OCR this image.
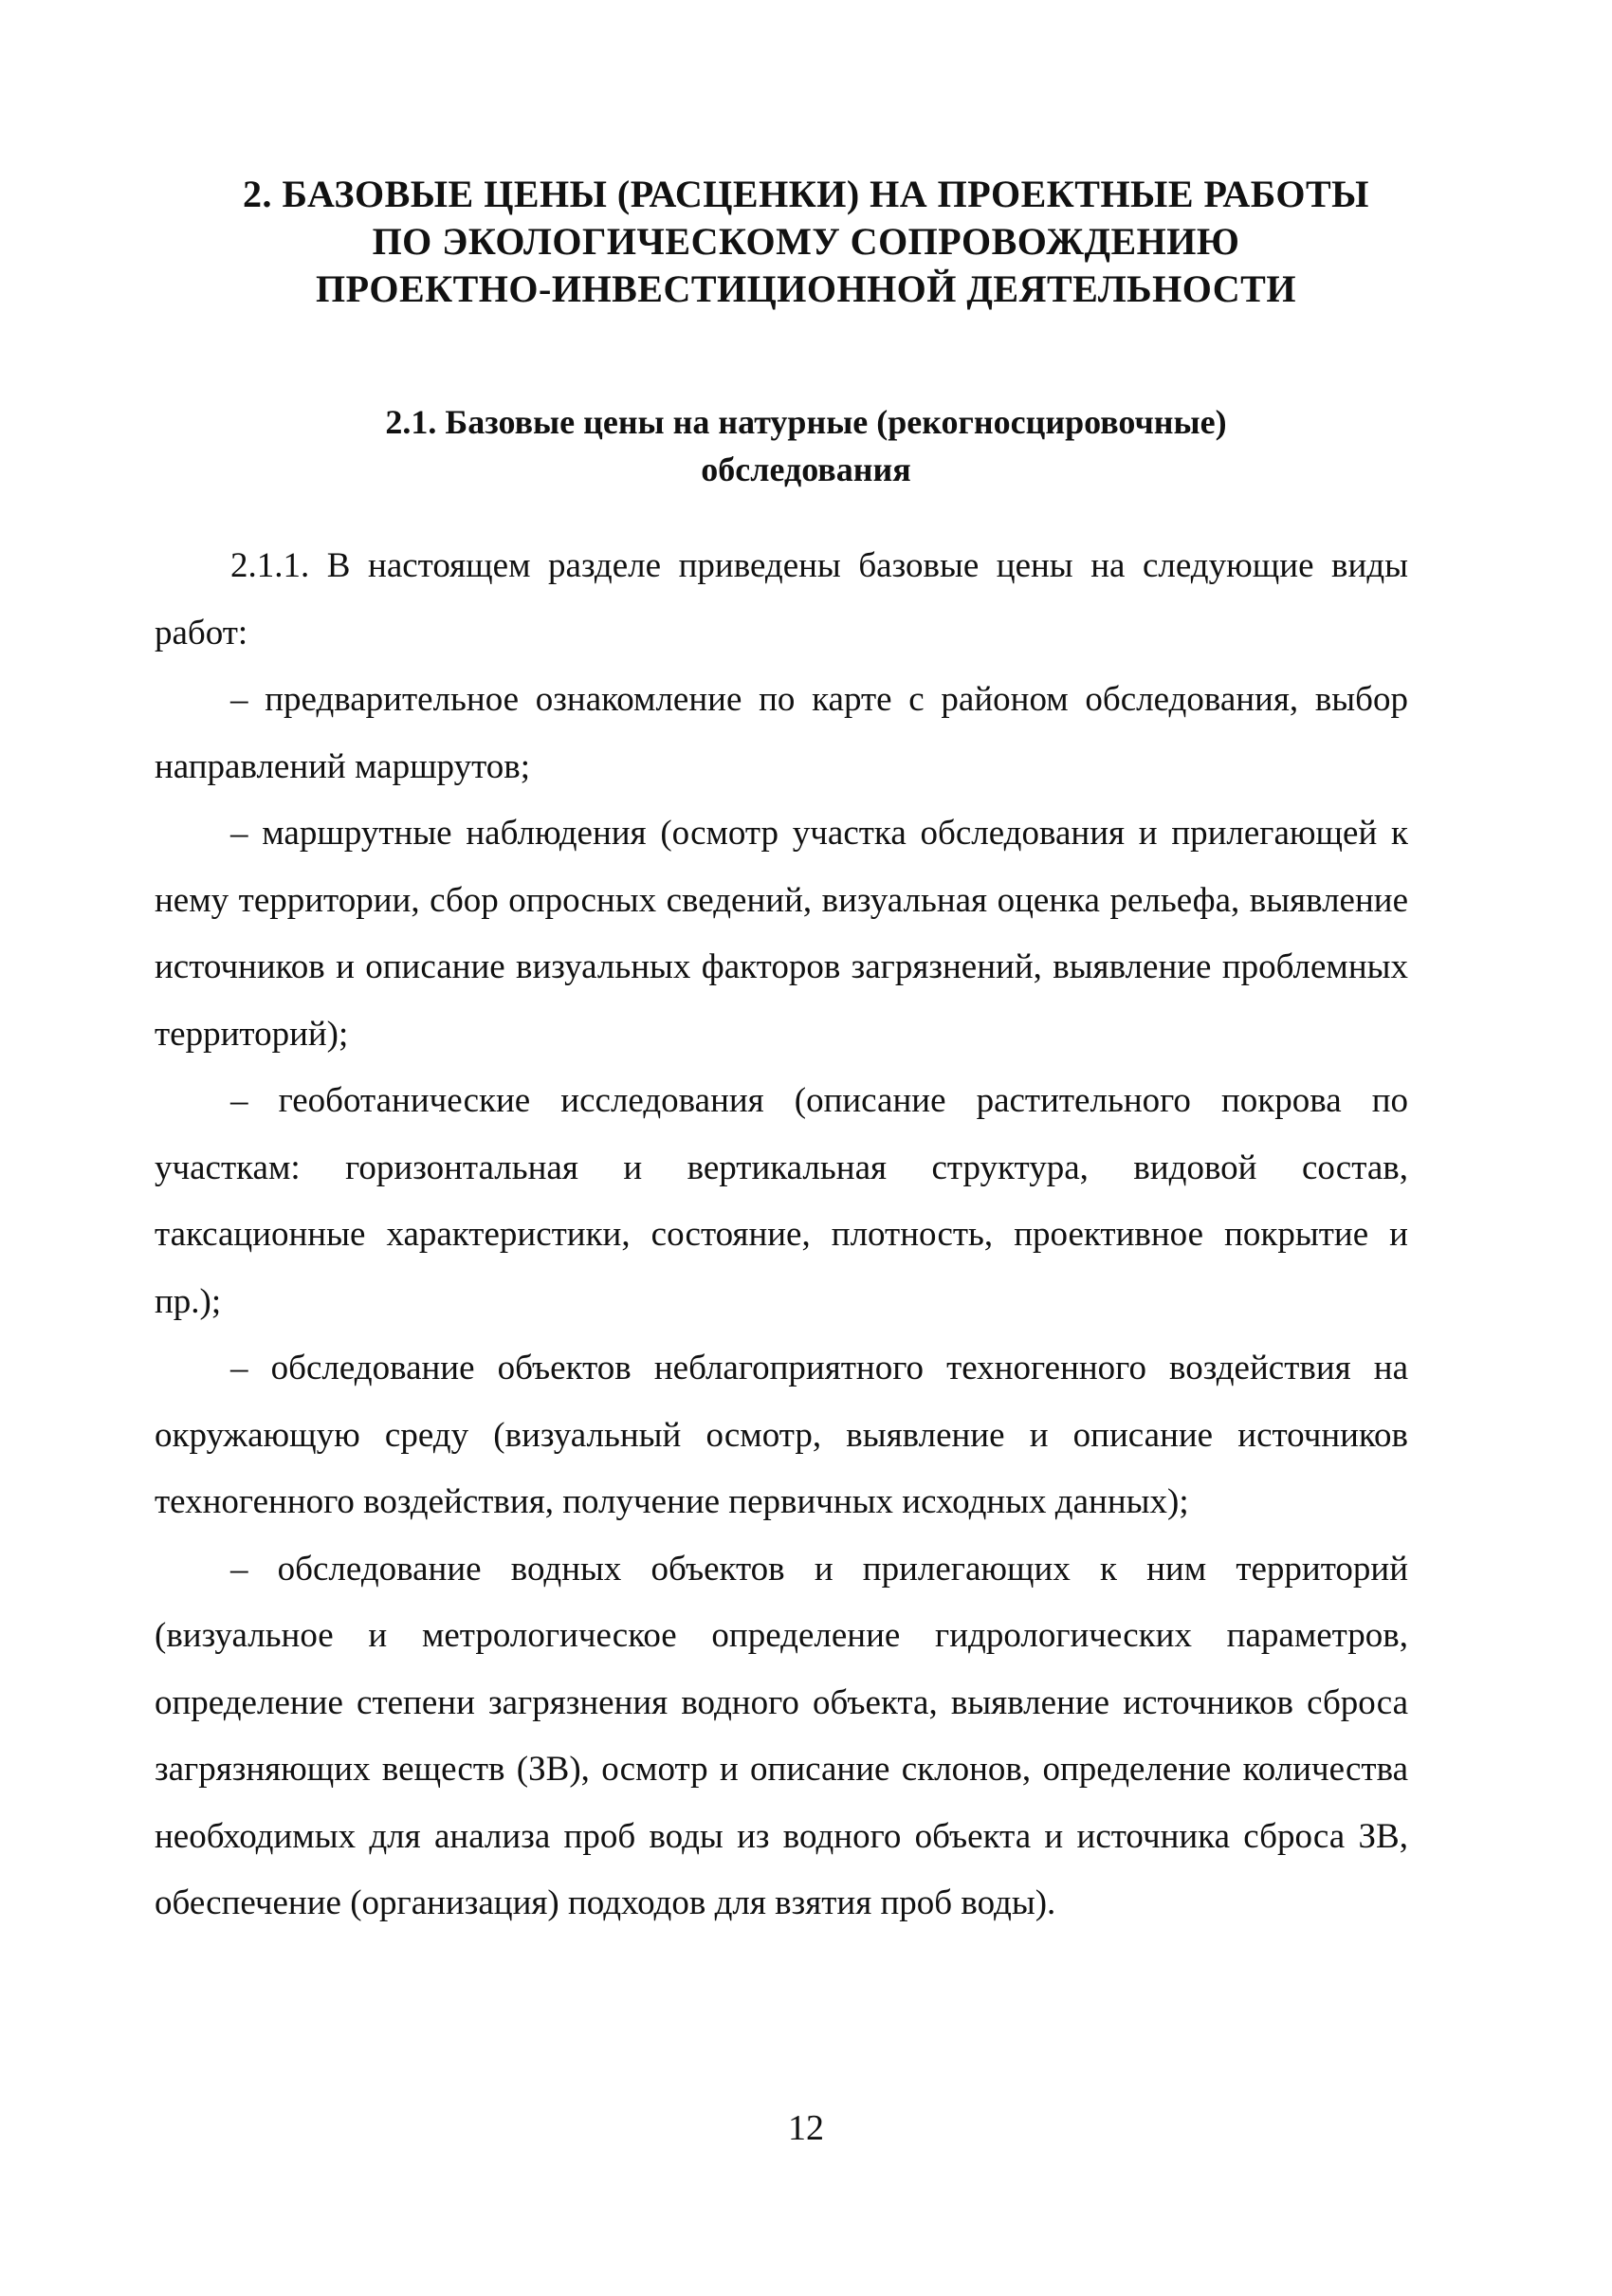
2. БАЗОВЫЕ ЦЕНЫ (РАСЦЕНКИ) НА ПРОЕКТНЫЕ РАБОТЫ
ПО ЭКОЛОГИЧЕСКОМУ СОПРОВОЖДЕНИЮ
ПРОЕКТНО-ИНВЕСТИЦИОННОЙ ДЕЯТЕЛЬНОСТИ
2.1. Базовые цены на натурные (рекогносцировочные)
обследования

2.1.1. В настоящем разделе приведены базовые цены на следующие виды работ:

– предварительное ознакомление по карте с районом обследования, выбор направлений маршрутов;

– маршрутные наблюдения (осмотр участка обследования и прилегающей к нему территории, сбор опросных сведений, визуальная оценка рельефа, выявление источников и описание визуальных факторов загрязнений, выявление проблемных территорий);

– геоботанические исследования (описание растительного покрова по участкам: горизонтальная и вертикальная структура, видовой состав, таксационные характеристики, состояние, плотность, проективное покрытие и пр.);

– обследование объектов неблагоприятного техногенного воздействия на окружающую среду (визуальный осмотр, выявление и описание источников техногенного воздействия, получение первичных исходных данных);

– обследование водных объектов и прилегающих к ним территорий (визуальное и метрологическое определение гидрологических параметров, определение степени загрязнения водного объекта, выявление источников сброса загрязняющих веществ (ЗВ), осмотр и описание склонов, определение количества необходимых для анализа проб воды из водного объекта и источника сброса ЗВ, обеспечение (организация) подходов для взятия проб воды).

12
